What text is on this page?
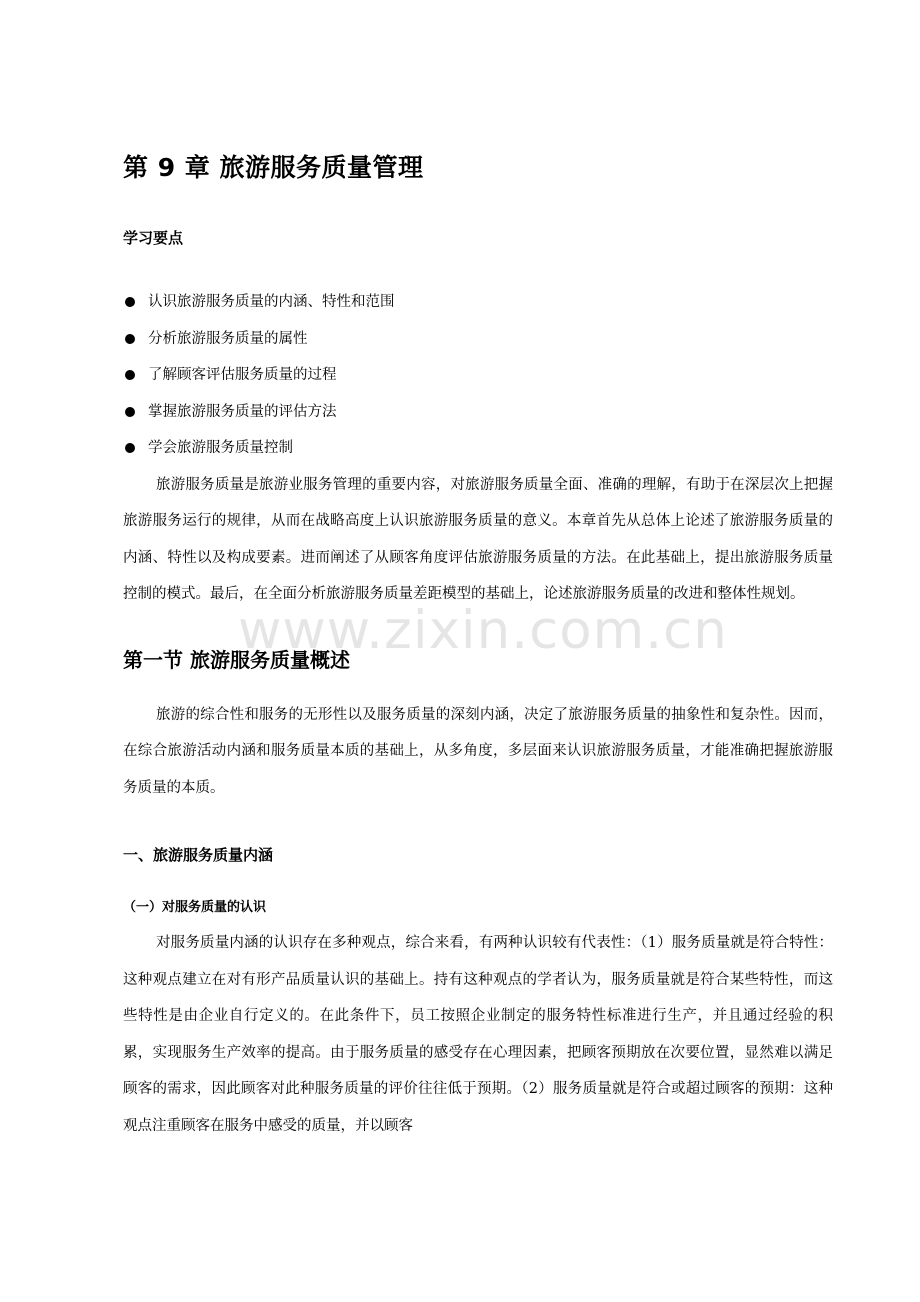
第 9 章 旅游服务质量管理
学习要点
认识旅游服务质量的内涵、特性和范围
分析旅游服务质量的属性
了解顾客评估服务质量的过程
掌握旅游服务质量的评估方法
学会旅游服务质量控制

旅游服务质量是旅游业服务管理的重要内容，对旅游服务质量全面、准确的理解，有助于在深层次上把握旅游服务运行的规律，从而在战略高度上认识旅游服务质量的意义。本章首先从总体上论述了旅游服务质量的内涵、特性以及构成要素。进而阐述了从顾客角度评估旅游服务质量的方法。在此基础上，提出旅游服务质量控制的模式。最后，在全面分析旅游服务质量差距模型的基础上，论述旅游服务质量的改进和整体性规划。

第一节 旅游服务质量概述

旅游的综合性和服务的无形性以及服务质量的深刻内涵，决定了旅游服务质量的抽象性和复杂性。因而，在综合旅游活动内涵和服务质量本质的基础上，从多角度，多层面来认识旅游服务质量，才能准确把握旅游服务质量的本质。

一、旅游服务质量内涵
（一）对服务质量的认识

对服务质量内涵的认识存在多种观点，综合来看，有两种认识较有代表性：（1）服务质量就是符合特性：这种观点建立在对有形产品质量认识的基础上。持有这种观点的学者认为，服务质量就是符合某些特性，而这些特性是由企业自行定义的。在此条件下，员工按照企业制定的服务特性标准进行生产，并且通过经验的积累，实现服务生产效率的提高。由于服务质量的感受存在心理因素，把顾客预期放在次要位置，显然难以满足顾客的需求，因此顾客对此种服务质量的评价往往低于预期。（2）服务质量就是符合或超过顾客的预期：这种观点注重顾客在服务中感受的质量，并以顾客

www.zixin.com.cn
